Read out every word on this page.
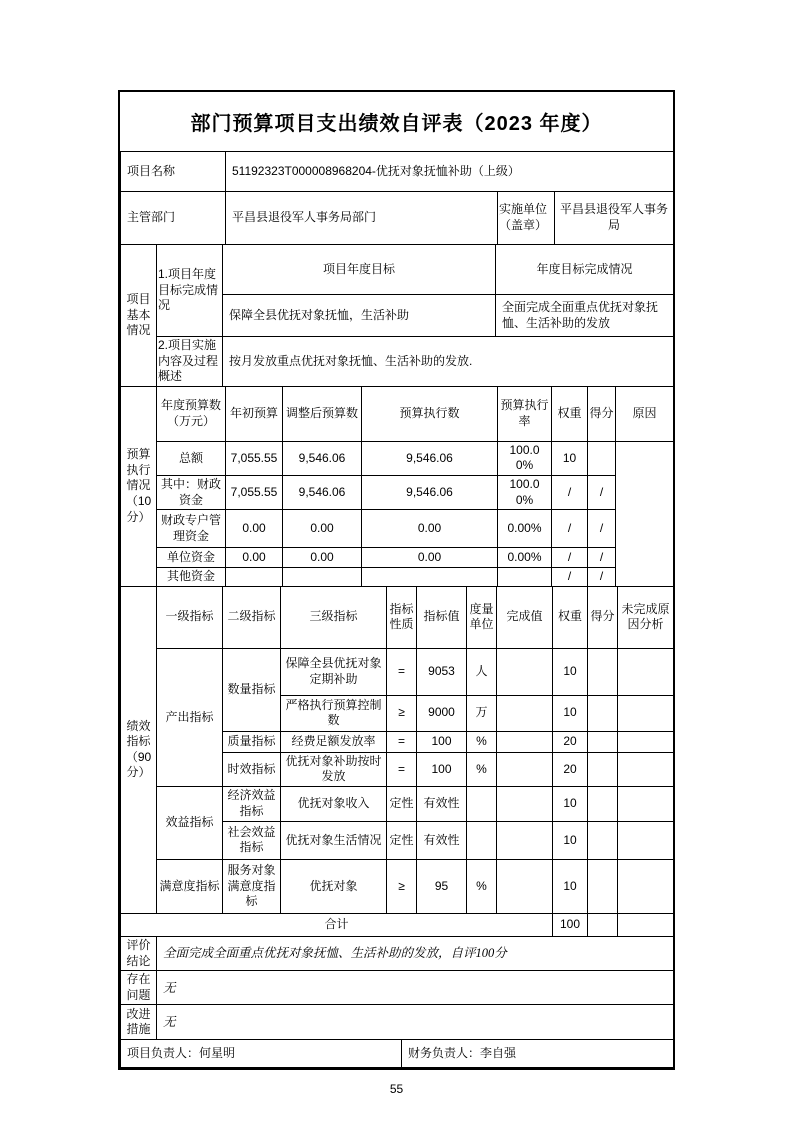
部门预算项目支出绩效自评表（2023 年度）
项目名称	51192323T000008968204-优抚对象抚恤补助（上级）		
主管部门	平昌县退役军人事务局部门	实施单位（盖章）	平昌县退役军人事务局
项目基本情况	1.项目年度目标完成情况	项目年度目标	年度目标完成情况
		保障全县优抚对象抚恤，生活补助	全面完成全面重点优抚对象抚恤、生活补助的发放
	2.项目实施内容及过程概述	按月发放重点优抚对象抚恤、生活补助的发放.	
预算执行情况（10分）	年度预算数（万元）	年初预算	调整后预算数	预算执行数	预算执行率	权重	得分	原因
	总额	7,055.55	9,546.06	9,546.06	100.00%	10		
	其中：财政资金	7,055.55	9,546.06	9,546.06	100.00%	/	/	
	财政专户管理资金	0.00	0.00	0.00	0.00%	/	/	
	单位资金	0.00	0.00	0.00	0.00%	/	/	
	其他资金					/	/	
绩效指标（90分）	一级指标	二级指标	三级指标	指标性质	指标值	度量单位	完成值	权重	得分	未完成原因分析
	产出指标	数量指标	保障全县优抚对象定期补助	=	9053	人		10		
			严格执行预算控制数	≥	9000	万		10		
		质量指标	经费足额发放率	=	100	%		20		
		时效指标	优抚对象补助按时发放	=	100	%		20		
	效益指标	经济效益指标	优抚对象收入	定性	有效性			10		
		社会效益指标	优抚对象生活情况	定性	有效性			10		
	满意度指标	服务对象满意度指标	优抚对象	≥	95	%		10		
合计								100		
评价结论	全面完成全面重点优抚对象抚恤、生活补助的发放，自评100分	
存在问题	无	
改进措施	无	
项目负责人：何星明		财务负责人：李自强
55
